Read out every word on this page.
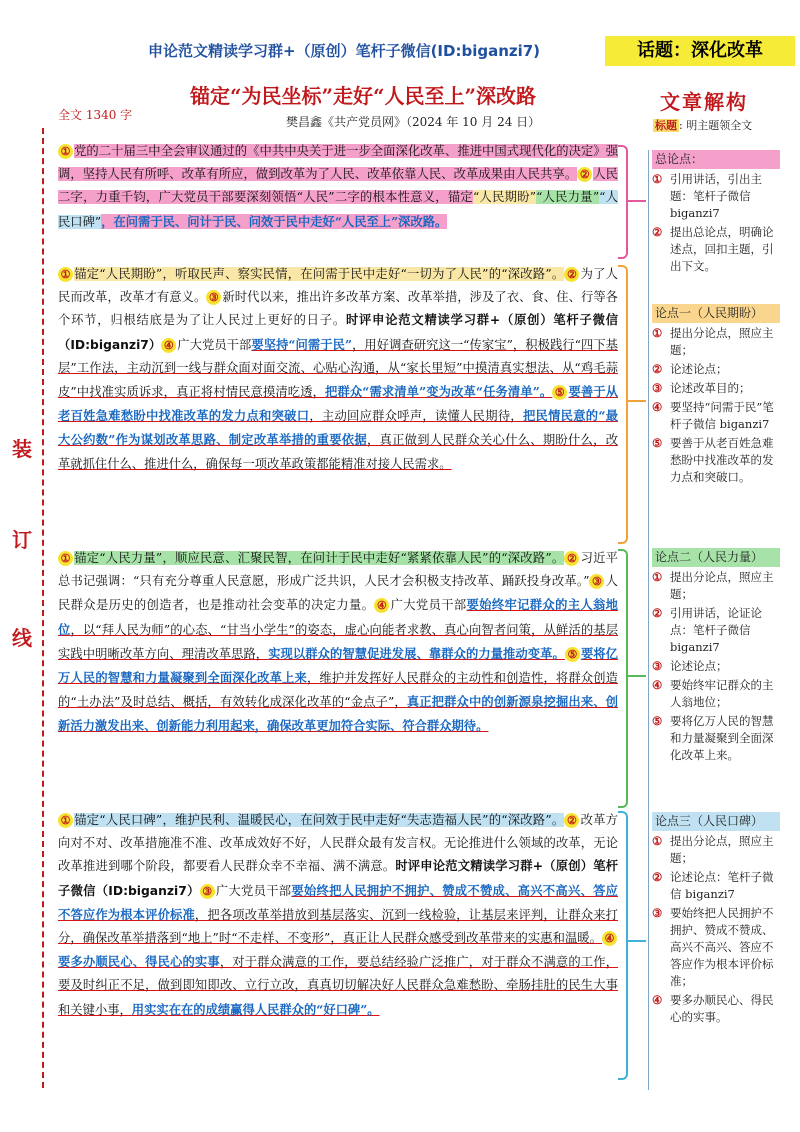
申论范文精读学习群+（原创）笔杆子微信(ID:biganzi7)	话题：深化改革
锚定“为民坐标”走好“人民至上”深改路
樊昌鑫《共产党员网》（2024 年 10 月 24 日）
全文 1340 字
文章解构
标题 : 明主题领全文
装
订
线
① 党的二十届三中全会审议通过的《中共中央关于进一步全面深化改革、推进中国式现代化的决定》强调，坚持人民有所呼、改革有所应，做到改革为了人民、改革依靠人民、改革成果由人民共享。 ② 人民二字，力重千钧，广大党员干部要深刻领悟“人民”二字的根本性意义，锚定“人民期盼”“人民力量”“人民口碑”，在问需于民、问计于民、问效于民中走好“人民至上”深改路。
① 锚定“人民期盼”，听取民声、察实民情，在问需于民中走好“一切为了人民”的“深改路”。 ② 为了人民而改革，改革才有意义。 ③ 新时代以来，推出许多改革方案、改革举措，涉及了衣、食、住、行等各个环节，归根结底是为了让人民过上更好的日子。时评申论范文精读学习群+（原创）笔杆子微信（ID:biganzi7） ④ 广大党员干部要坚持“问需于民”，用好调查研究这一“传家宝”，积极践行“四下基层”工作法，主动沉到一线与群众面对面交流、心贴心沟通，从“家长里短”中摸清真实想法、从“鸡毛蒜皮”中找准实质诉求，真正将村情民意摸清吃透，把群众“需求清单”变为改革“任务清单”。 ⑤ 要善于从老百姓急难愁盼中找准改革的发力点和突破口，主动回应群众呼声，读懂人民期待，把民情民意的“最大公约数”作为谋划改革思路、制定改革举措的重要依据，真正做到人民群众关心什么、期盼什么，改革就抓住什么、推进什么，确保每一项改革政策都能精准对接人民需求。
① 锚定“人民力量”，顺应民意、汇聚民智，在问计于民中走好“紧紧依靠人民”的“深改路”。 ② 习近平总书记强调：“只有充分尊重人民意愿，形成广泛共识，人民才会积极支持改革、踊跃投身改革。” ③ 人民群众是历史的创造者，也是推动社会变革的决定力量。 ④ 广大党员干部要始终牢记群众的主人翁地位，以“拜人民为师”的心态、“甘当小学生”的姿态，虚心向能者求教、真心向智者问策，从鲜活的基层实践中明晰改革方向、理清改革思路，实现以群众的智慧促进发展、靠群众的力量推动变革。 ⑤ 要将亿万人民的智慧和力量凝聚到全面深化改革上来，维护并发挥好人民群众的主动性和创造性，将群众创造的“土办法”及时总结、概括，有效转化成深化改革的“金点子”，真正把群众中的创新源泉挖掘出来、创新活力激发出来、创新能力利用起来，确保改革更加符合实际、符合群众期待。
① 锚定“人民口碑”，维护民利、温暖民心，在问效于民中走好“失志造福人民”的“深改路”。 ② 改革方向对不对、改革措施准不准、改革成效好不好，人民群众最有发言权。无论推进什么领域的改革，无论改革推进到哪个阶段，都要看人民群众幸不幸福、满不满意。时评申论范文精读学习群+（原创）笔杆子微信（ID:biganzi7） ③ 广大党员干部要始终把人民拥护不拥护、赞成不赞成、高兴不高兴、答应不答应作为根本评价标准，把各项改革举措放到基层落实、沉到一线检验，让基层来评判，让群众来打分，确保改革举措落到“地上”时“不走样、不变形”，真正让人民群众感受到改革带来的实惠和温暖。 ④要多办顺民心、得民心的实事，对于群众满意的工作，要总结经验广泛推广，对于群众不满意的工作，要及时纠正不足，做到即知即改、立行立改，真真切切解决好人民群众急难愁盼、牵肠挂肚的民生大事和关键小事，用实实在在的成绩赢得人民群众的“好口碑”。
总论点：
① 引用讲话，引出主题：笔杆子微信 biganzi7
② 提出总论点，明确论述点，回扣主题，引出下文。
论点一（人民期盼）
① 提出分论点，照应主题；
② 论述论点；
③ 论述改革目的；
④ 要坚持“问需于民”笔杆子微信 biganzi7
⑤ 要善于从老百姓急难愁盼中找准改革的发力点和突破口。
论点二（人民力量）
① 提出分论点，照应主题；
② 引用讲话，论证论点：笔杆子微信 biganzi7
③ 论述论点；
④ 要始终牢记群众的主人翁地位；
⑤ 要将亿万人民的智慧和力量凝聚到全面深化改革上来。
论点三（人民口碑）
① 提出分论点，照应主题；
② 论述论点：笔杆子微信 biganzi7
③ 要始终把人民拥护不拥护、赞成不赞成、高兴不高兴、答应不答应作为根本评价标准；
④ 要多办顺民心、得民心的实事。
